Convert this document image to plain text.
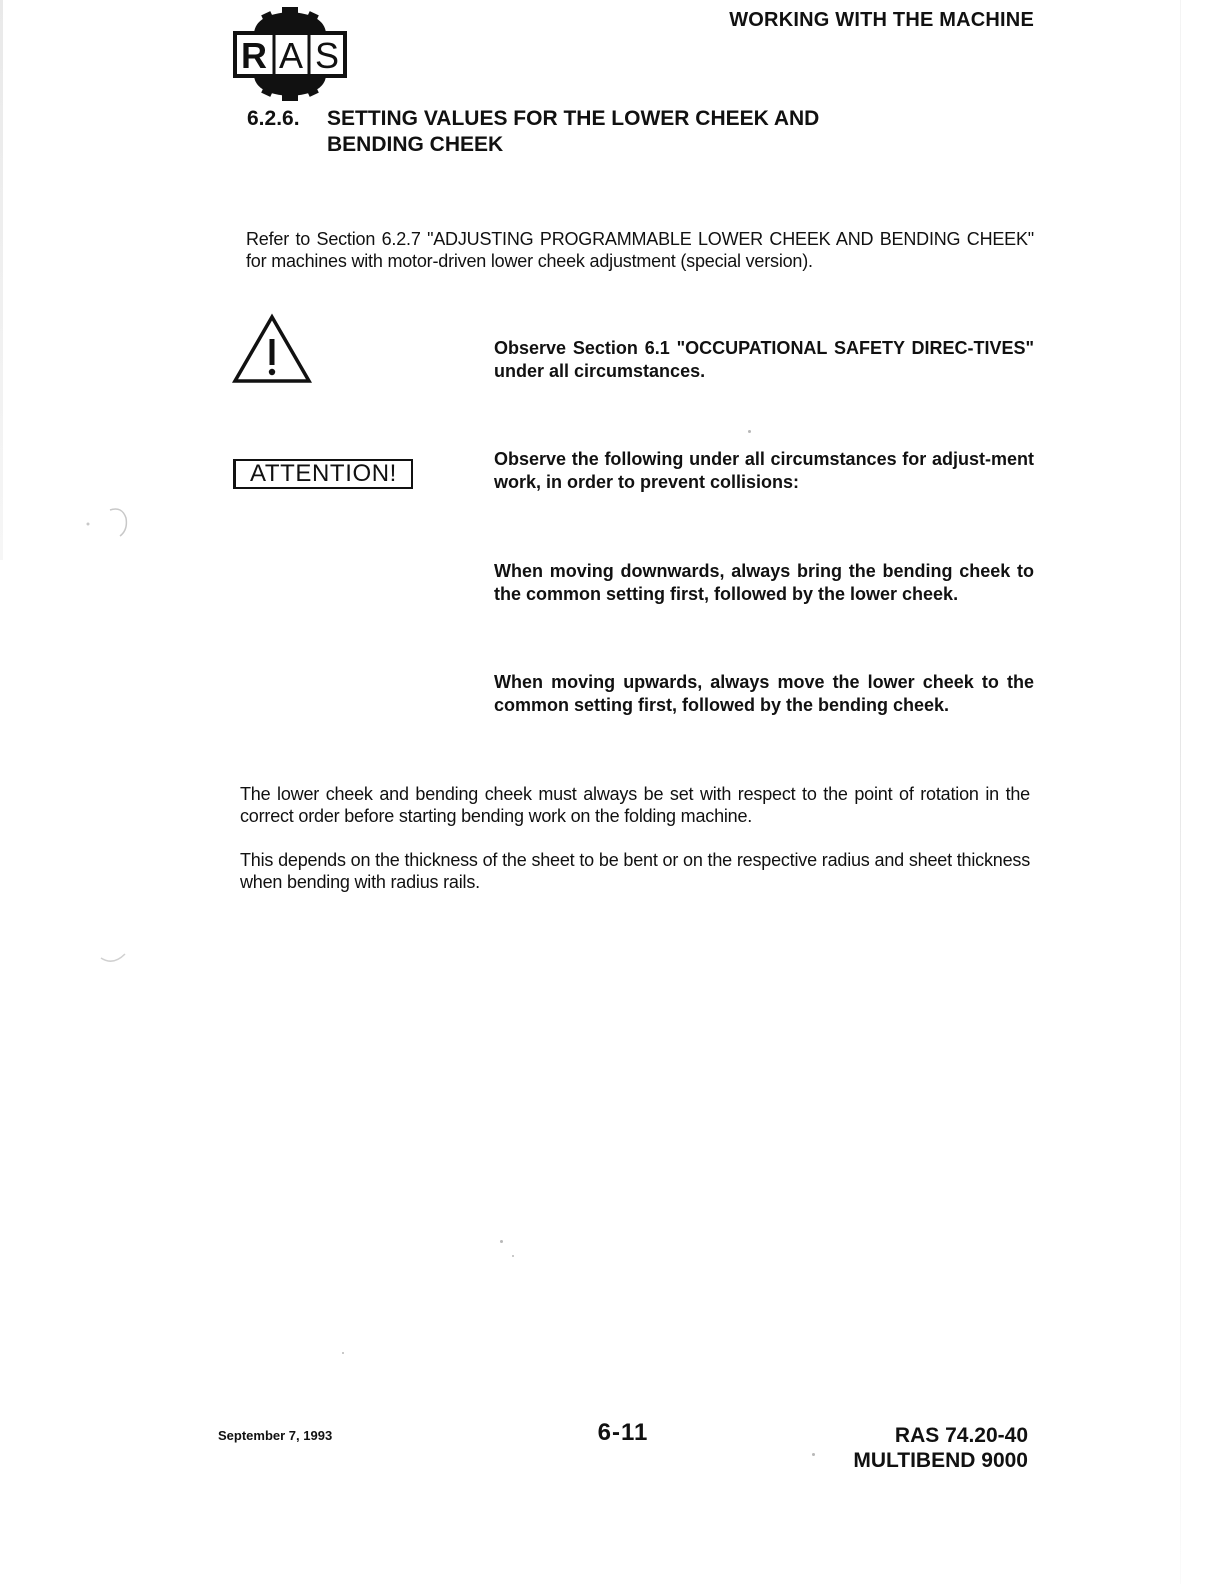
R A S
WORKING WITH THE MACHINE
6.2.6. SETTING VALUES FOR THE LOWER CHEEK AND BENDING CHEEK
Refer to Section 6.2.7 "ADJUSTING PROGRAMMABLE LOWER CHEEK AND BENDING CHEEK" for machines with motor-driven lower cheek adjustment (special version).
Observe Section 6.1 "OCCUPATIONAL SAFETY DIREC-TIVES" under all circumstances.
ATTENTION!
Observe the following under all circumstances for adjust-ment work, in order to prevent collisions:
When moving downwards, always bring the bending cheek to the common setting first, followed by the lower cheek.
When moving upwards, always move the lower cheek to the common setting first, followed by the bending cheek.
The lower cheek and bending cheek must always be set with respect to the point of rotation in the correct order before starting bending work on the folding machine.
This depends on the thickness of the sheet to be bent or on the respective radius and sheet thickness when bending with radius rails.
September 7, 1993	6-11	RAS 74.20-40
MULTIBEND 9000
